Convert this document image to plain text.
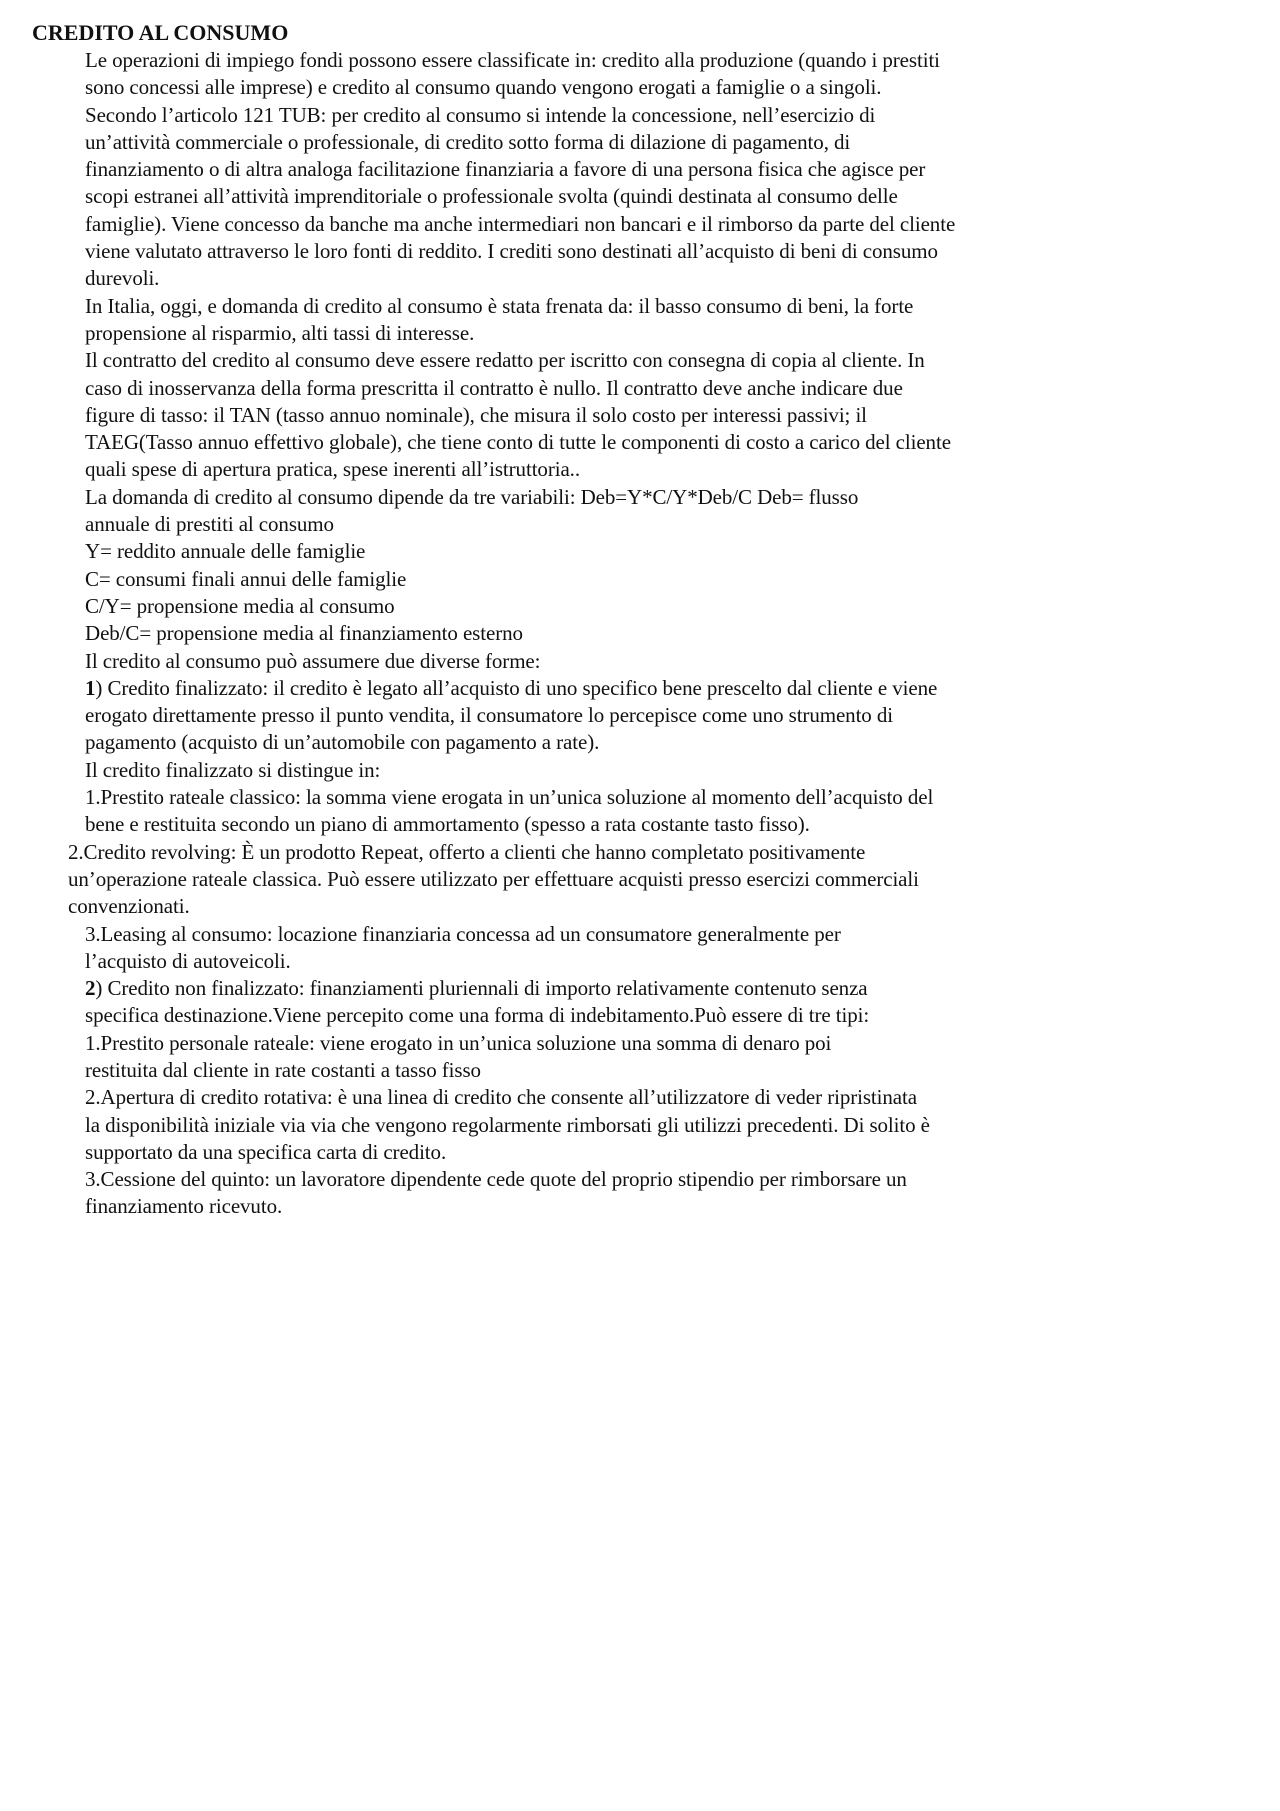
CREDITO AL CONSUMO
Le operazioni di impiego fondi possono essere classificate in: credito alla produzione (quando i prestiti
sono concessi alle imprese) e credito al consumo quando vengono erogati a famiglie o a singoli.
Secondo l’articolo 121 TUB: per credito al consumo si intende la concessione, nell’esercizio di
un’attività commerciale o professionale, di credito sotto forma di dilazione di pagamento, di
finanziamento o di altra analoga facilitazione finanziaria a favore di una persona fisica che agisce per
scopi estranei all’attività imprenditoriale o professionale svolta (quindi destinata al consumo delle
famiglie). Viene concesso da banche ma anche intermediari non bancari e il rimborso da parte del cliente
viene valutato attraverso le loro fonti di reddito. I crediti sono destinati all’acquisto di beni di consumo
durevoli.
In Italia, oggi, e domanda di credito al consumo è stata frenata da: il basso consumo di beni, la forte
propensione al risparmio, alti tassi di interesse.
Il contratto del credito al consumo deve essere redatto per iscritto con consegna di copia al cliente. In
caso di inosservanza della forma prescritta il contratto è nullo. Il contratto deve anche indicare due
figure di tasso: il TAN (tasso annuo nominale), che misura il solo costo per interessi passivi; il
TAEG(Tasso annuo effettivo globale), che tiene conto di tutte le componenti di costo a carico del cliente
quali spese di apertura pratica, spese inerenti all’istruttoria..
La domanda di credito al consumo dipende da tre variabili: Deb=Y*C/Y*Deb/C Deb= flusso
annuale di prestiti al consumo
Y= reddito annuale delle famiglie
C= consumi finali annui delle famiglie
C/Y= propensione media al consumo
Deb/C= propensione media al finanziamento esterno
Il credito al consumo può assumere due diverse forme:
1) Credito finalizzato: il credito è legato all’acquisto di uno specifico bene prescelto dal cliente e viene
erogato direttamente presso il punto vendita, il consumatore lo percepisce come uno strumento di
pagamento (acquisto di un’automobile con pagamento a rate).
Il credito finalizzato si distingue in:
1.Prestito rateale classico: la somma viene erogata in un’unica soluzione al momento dell’acquisto del
bene e restituita secondo un piano di ammortamento (spesso a rata costante tasto fisso).
2.Credito revolving: È un prodotto Repeat, offerto a clienti che hanno completato positivamente
un’operazione rateale classica. Può essere utilizzato per effettuare acquisti presso esercizi commerciali
convenzionati.
3.Leasing al consumo: locazione finanziaria concessa ad un consumatore generalmente per
l’acquisto di autoveicoli.
2) Credito non finalizzato: finanziamenti pluriennali di importo relativamente contenuto senza
specifica destinazione.Viene percepito come una forma di indebitamento.Può essere di tre tipi:
1.Prestito personale rateale: viene erogato in un’unica soluzione una somma di denaro poi
restituita dal cliente in rate costanti a tasso fisso
2.Apertura di credito rotativa: è una linea di credito che consente all’utilizzatore di veder ripristinata
la disponibilità iniziale via via che vengono regolarmente rimborsati gli utilizzi precedenti. Di solito è
supportato da una specifica carta di credito.
3.Cessione del quinto: un lavoratore dipendente cede quote del proprio stipendio per rimborsare un
finanziamento ricevuto.
